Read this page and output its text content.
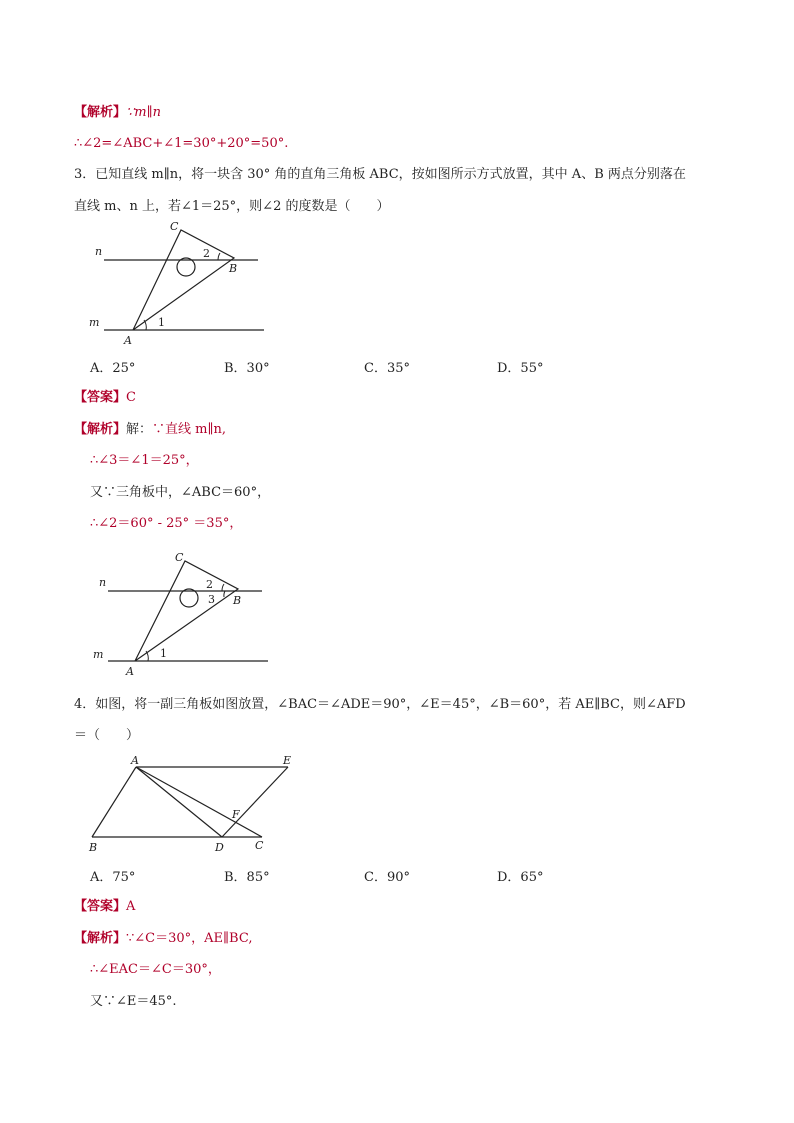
【解析】∵m∥n
∴∠2=∠ABC+∠1=30°+20°=50°.
3．已知直线 m∥n，将一块含 30° 角的直角三角板 ABC，按如图所示方式放置，其中 A、B 两点分别落在
直线 m、n 上，若∠1＝25°，则∠2 的度数是（　　）
n
m
C
B
A
1
2
A．25°	B．30°	C．35°	D．55°
【答案】C
【解析】解：∵直线 m∥n,
∴∠3＝∠1＝25°，
又∵三角板中，∠ABC＝60°，
∴∠2＝60° - 25° ＝35°，
n
m
C
B
A
1
2
3
4．如图，将一副三角板如图放置，∠BAC＝∠ADE＝90°，∠E＝45°，∠B＝60°，若 AE∥BC，则∠AFD
＝（　　）
A	E
F
B	D	C
A．75°	B．85°	C．90°	D．65°
【答案】A
【解析】∵∠C＝30°，AE∥BC,
∴∠EAC＝∠C＝30°，
又∵∠E＝45°.
